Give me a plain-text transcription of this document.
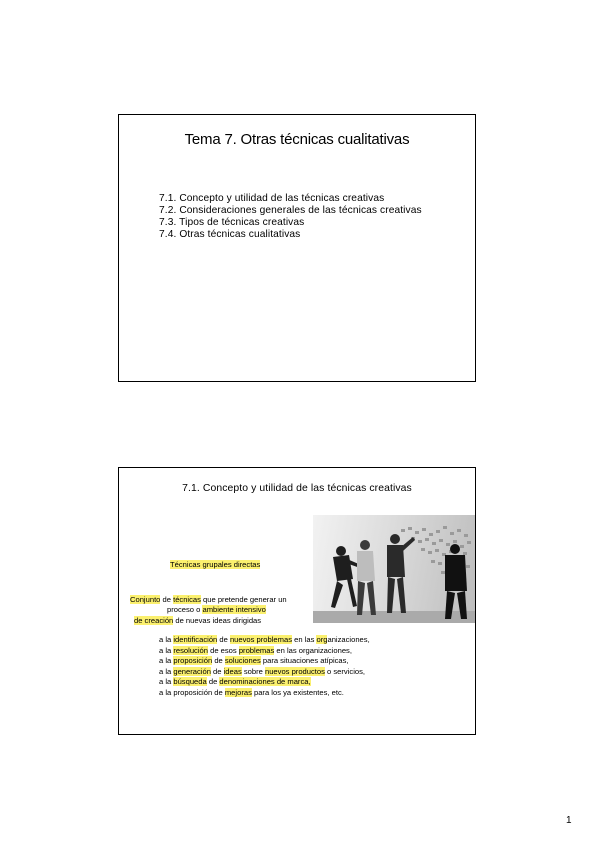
Tema 7. Otras técnicas cualitativas
7.1. Concepto y utilidad de las técnicas creativas
7.2. Consideraciones generales de las técnicas creativas
7.3. Tipos de técnicas creativas
7.4. Otras técnicas cualitativas
7.1. Concepto y utilidad de las técnicas creativas
Técnicas grupales directas
Conjunto de técnicas que pretende generar un
proceso o ambiente intensivo
de creación de nuevas ideas dirigidas
a la identificación de nuevos problemas en las organizaciones,
a la resolución de esos problemas en las organizaciones,
a la proposición de soluciones para situaciones atípicas,
a la generación de ideas sobre nuevos productos o servicios,
a la búsqueda de denominaciones de marca,
a la proposición de mejoras para los ya existentes, etc.
1
